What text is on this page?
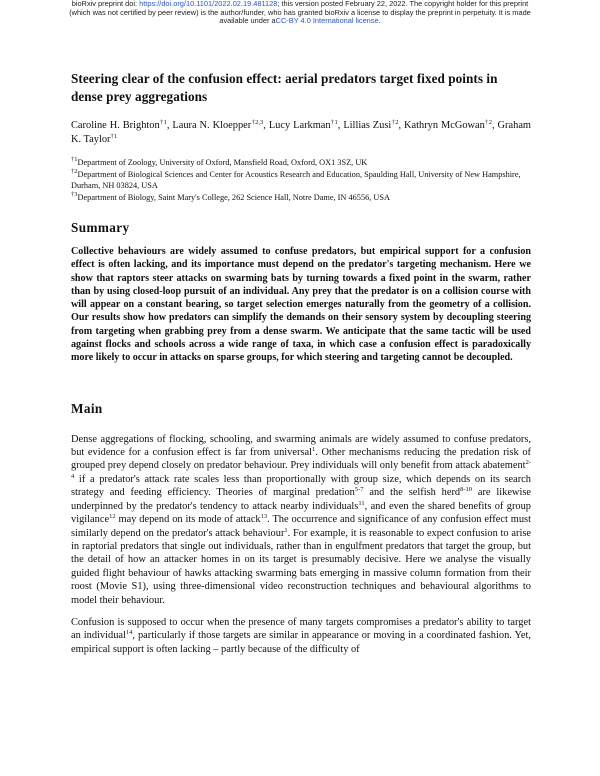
bioRxiv preprint doi: https://doi.org/10.1101/2022.02.19.481128; this version posted February 22, 2022. The copyright holder for this preprint
(which was not certified by peer review) is the author/funder, who has granted bioRxiv a license to display the preprint in perpetuity. It is made
available under aCC-BY 4.0 International license.
Steering clear of the confusion effect: aerial predators target fixed points in dense prey aggregations
Caroline H. Brighton$^{\dagger 1}$, Laura N. Kloepper$^{\dagger 2,3}$, Lucy Larkman$^{\dagger 1}$, Lillias Zusi$^{\dagger 2}$, Kathryn McGowan$^{\dagger 2}$, Graham K. Taylor$^{\dagger 1}$

$^{\dagger 1}$Department of Zoology, University of Oxford, Mansfield Road, Oxford, OX1 3SZ, UK

$^{\dagger 2}$Department of Biological Sciences and Center for Acoustics Research and Education, Spaulding Hall, University of New Hampshire, Durham, NH 03824, USA

$^{\dagger 3}$Department of Biology, Saint Mary's College, 262 Science Hall, Notre Dame, IN 46556, USA

Summary
Collective behaviours are widely assumed to confuse predators, but empirical support for a confusion effect is often lacking, and its importance must depend on the predator's targeting mechanism. Here we show that raptors steer attacks on swarming bats by turning towards a fixed point in the swarm, rather than by using closed-loop pursuit of an individual. Any prey that the predator is on a collision course with will appear on a constant bearing, so target selection emerges naturally from the geometry of a collision. Our results show how predators can simplify the demands on their sensory system by decoupling steering from targeting when grabbing prey from a dense swarm. We anticipate that the same tactic will be used against flocks and schools across a wide range of taxa, in which case a confusion effect is paradoxically more likely to occur in attacks on sparse groups, for which steering and targeting cannot be decoupled.
Main

Dense aggregations of flocking, schooling, and swarming animals are widely assumed to confuse predators, but evidence for a confusion effect is far from universal$^1$. Other mechanisms reducing the predation risk of grouped prey depend closely on predator behaviour. Prey individuals will only benefit from attack abatement$^{2-4}$ if a predator's attack rate scales less than proportionally with group size, which depends on its search strategy and feeding efficiency. Theories of marginal predation$^{5-7}$ and the selfish herd$^{8-10}$ are likewise underpinned by the predator's tendency to attack nearby individuals$^{11}$, and even the shared benefits of group vigilance$^{12}$ may depend on its mode of attack$^{13}$. The occurrence and significance of any confusion effect must similarly depend on the predator's attack behaviour$^1$. For example, it is reasonable to expect confusion to arise in raptorial predators that single out individuals, rather than in engulfment predators that target the group, but the detail of how an attacker homes in on its target is presumably decisive. Here we analyse the visually guided flight behaviour of hawks attacking swarming bats emerging in massive column formation from their roost (Movie S1), using three-dimensional video reconstruction techniques and behavioural algorithms to model their behaviour.

Confusion is supposed to occur when the presence of many targets compromises a predator's ability to target an individual$^{14}$, particularly if those targets are similar in appearance or moving in a coordinated fashion. Yet, empirical support is often lacking – partly because of the difficulty of
